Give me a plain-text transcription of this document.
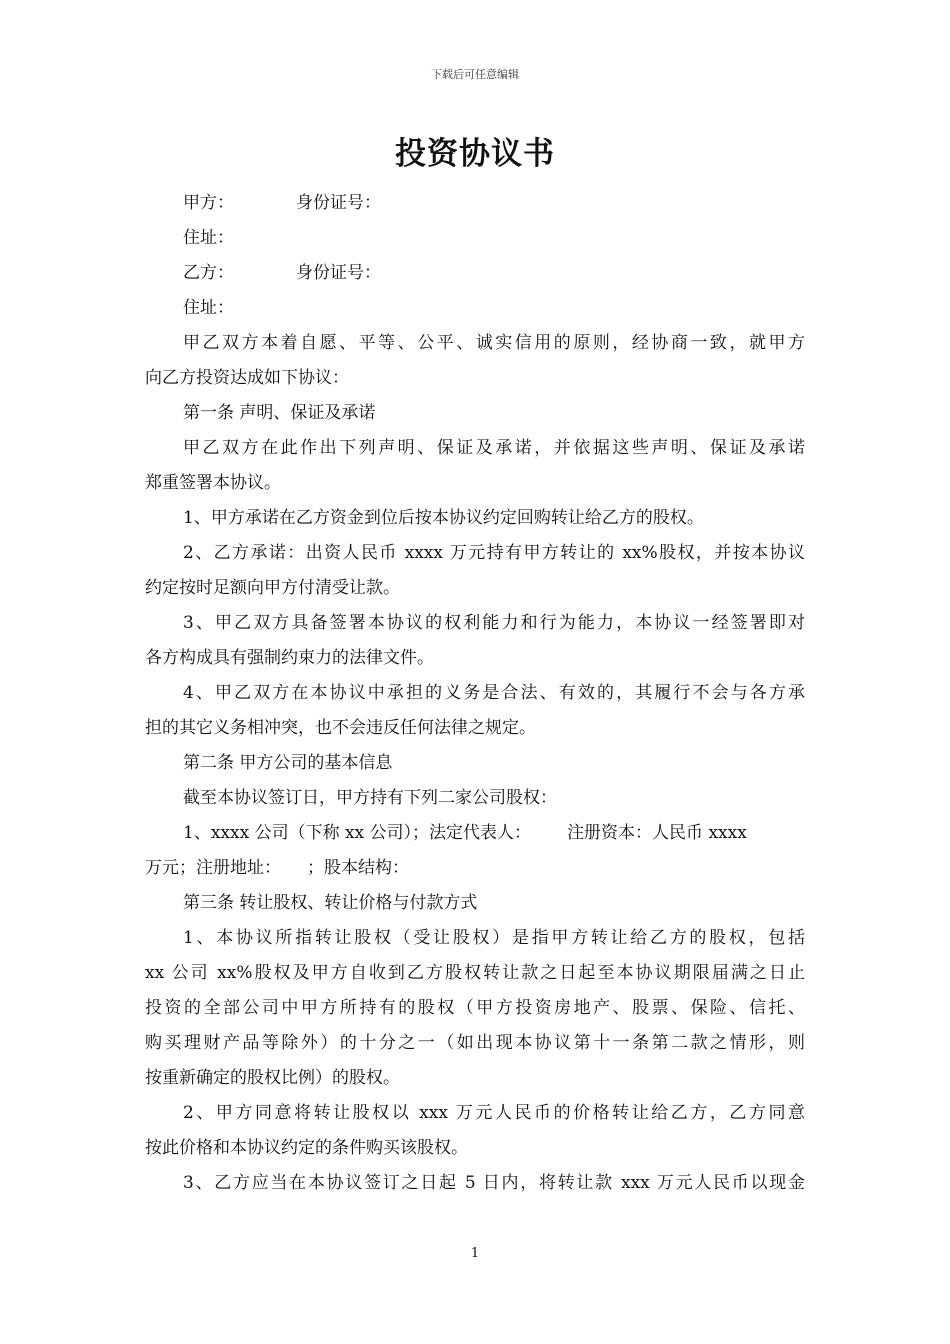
下载后可任意编辑
投资协议书
甲方：	身份证号：
住址：
乙方：	身份证号：
住址：
甲乙双方本着自愿、平等、公平、诚实信用的原则，经协商一致，就甲方
向乙方投资达成如下协议：
第一条 声明、保证及承诺
甲乙双方在此作出下列声明、保证及承诺，并依据这些声明、保证及承诺
郑重签署本协议。
1、甲方承诺在乙方资金到位后按本协议约定回购转让给乙方的股权。
2、乙方承诺：出资人民币 xxxx 万元持有甲方转让的 xx%股权，并按本协议
约定按时足额向甲方付清受让款。
3、甲乙双方具备签署本协议的权利能力和行为能力，本协议一经签署即对
各方构成具有强制约束力的法律文件。
4、甲乙双方在本协议中承担的义务是合法、有效的，其履行不会与各方承
担的其它义务相冲突，也不会违反任何法律之规定。
第二条 甲方公司的基本信息
截至本协议签订日，甲方持有下列二家公司股权：
1、xxxx 公司（下称 xx 公司）；法定代表人： 注册资本：人民币 xxxx
万元；注册地址： ；股本结构：
第三条 转让股权、转让价格与付款方式
1、本协议所指转让股权（受让股权）是指甲方转让给乙方的股权，包括
xx 公司 xx%股权及甲方自收到乙方股权转让款之日起至本协议期限届满之日止
投资的全部公司中甲方所持有的股权（甲方投资房地产、股票、保险、信托、
购买理财产品等除外）的十分之一（如出现本协议第十一条第二款之情形，则
按重新确定的股权比例）的股权。
2、甲方同意将转让股权以 xxx 万元人民币的价格转让给乙方，乙方同意
按此价格和本协议约定的条件购买该股权。
3、乙方应当在本协议签订之日起 5 日内，将转让款 xxx 万元人民币以现金
1
